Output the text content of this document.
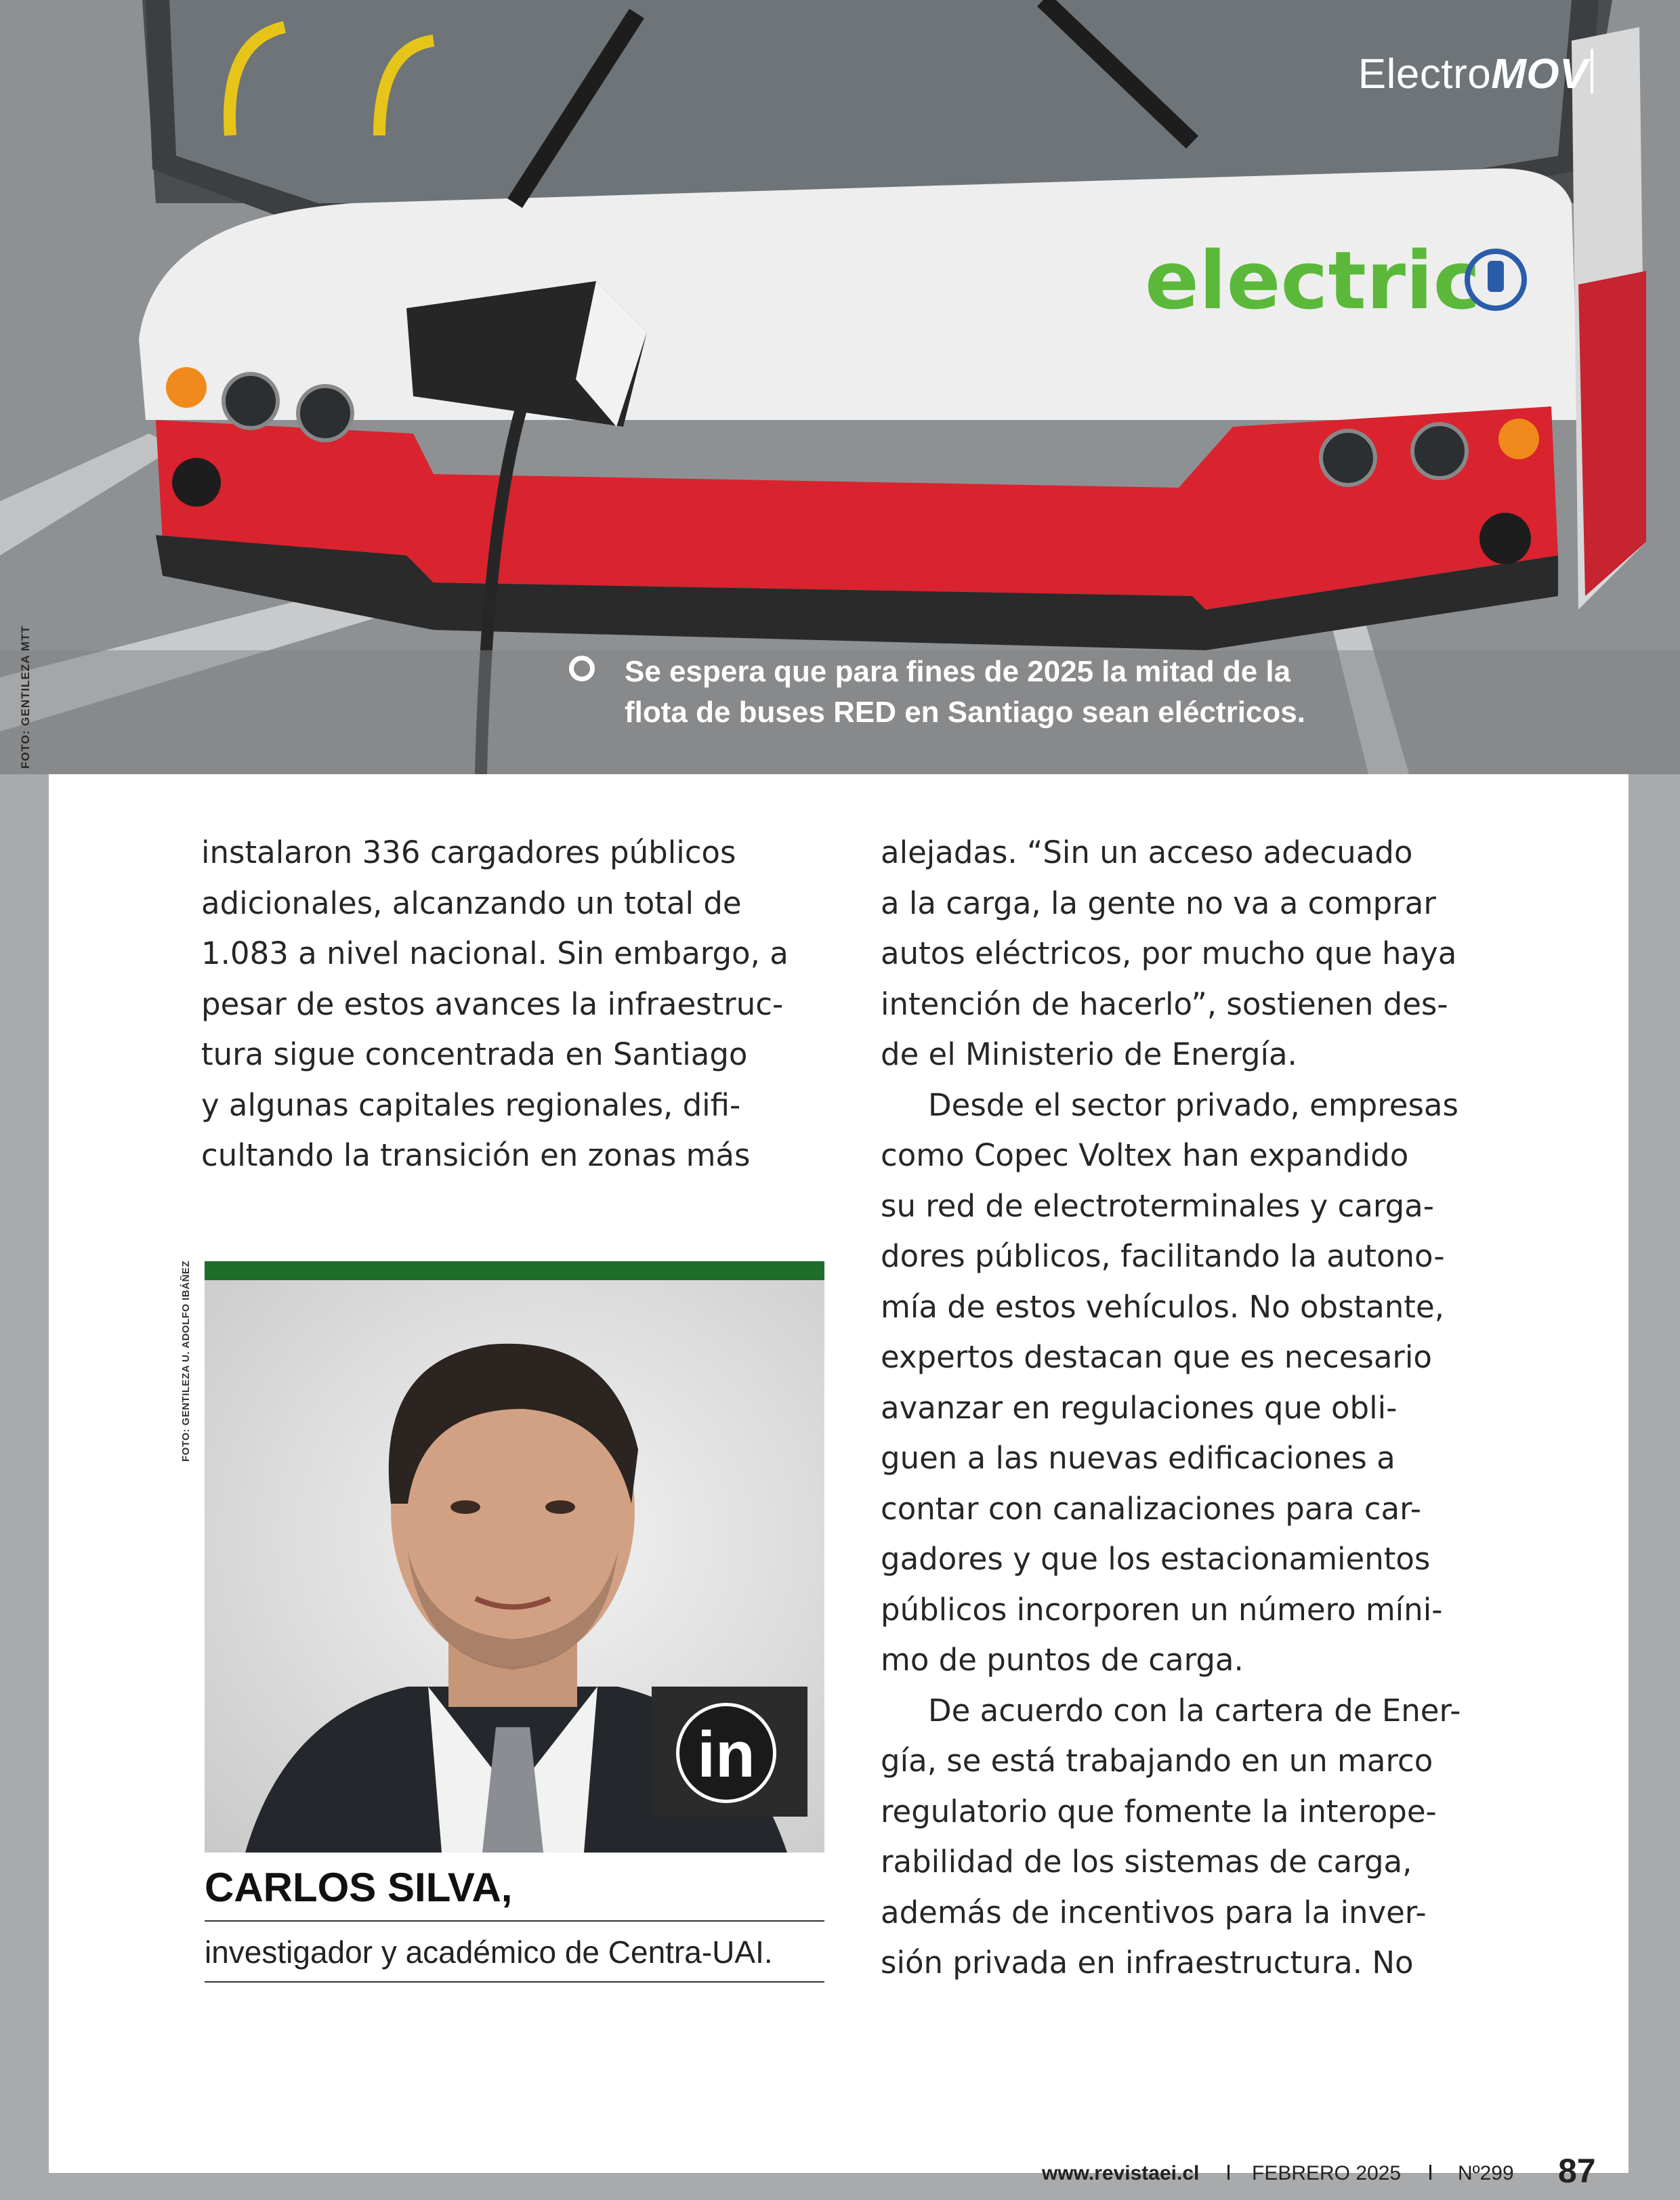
electric
FOTO: GENTILEZA MTT
ElectroMOV
Se espera que para fines de 2025 la mitad de la
flota de buses RED en Santiago sean eléctricos.
instalaron 336 cargadores públicos
adicionales, alcanzando un total de
1.083 a nivel nacional. Sin embargo, a
pesar de estos avances la infraestruc-
tura sigue concentrada en Santiago
y algunas capitales regionales, difi-
cultando la transición en zonas más
alejadas. “Sin un acceso adecuado
a la carga, la gente no va a comprar
autos eléctricos, por mucho que haya
intención de hacerlo”, sostienen des-
de el Ministerio de Energía.
Desde el sector privado, empresas
como Copec Voltex han expandido
su red de electroterminales y carga-
dores públicos, facilitando la autono-
mía de estos vehículos. No obstante,
expertos destacan que es necesario
avanzar en regulaciones que obli-
guen a las nuevas edificaciones a
contar con canalizaciones para car-
gadores y que los estacionamientos
públicos incorporen un número míni-
mo de puntos de carga.
De acuerdo con la cartera de Ener-
gía, se está trabajando en un marco
regulatorio que fomente la interope-
rabilidad de los sistemas de carga,
además de incentivos para la inver-
sión privada en infraestructura. No
FOTO: GENTILEZA U. ADOLFO IBÁÑEZ
in
CARLOS SILVA,
investigador y académico de Centra-UAI.
www.revistaei.cl	FEBRERO 2025	Nº299 87
